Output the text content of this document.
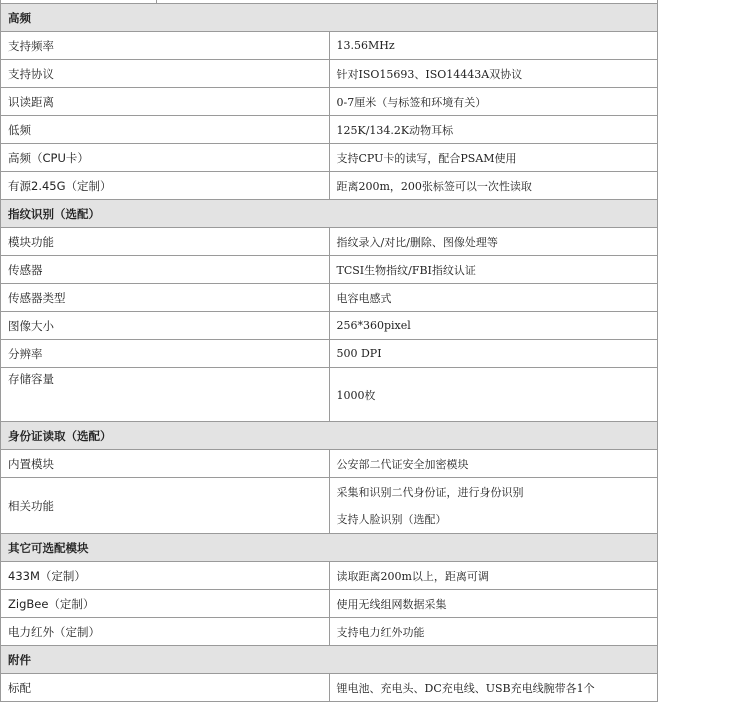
高频	
支持频率	13.56MHz
支持协议	针对ISO15693、ISO14443A双协议
识读距离	0-7厘米（与标签和环境有关）
低频	125K/134.2K动物耳标
高频（CPU卡）	支持CPU卡的读写，配合PSAM使用
有源2.45G（定制）	距离200m，200张标签可以一次性读取
指纹识别（选配）	
模块功能	指纹录入/对比/删除、图像处理等
传感器	TCSI生物指纹/FBI指纹认证
传感器类型	电容电感式
图像大小	256*360pixel
分辨率	500 DPI
存储容量	1000枚
身份证读取（选配）	
内置模块	公安部二代证安全加密模块
相关功能	采集和识别二代身份证，进行身份识别
支持人脸识别（选配）

其它可选配模块	
433M（定制）	读取距离200m以上，距离可调
ZigBee（定制）	使用无线组网数据采集
电力红外（定制）	支持电力红外功能
附件	
标配	锂电池、充电头、DC充电线、USB充电线腕带各1个
